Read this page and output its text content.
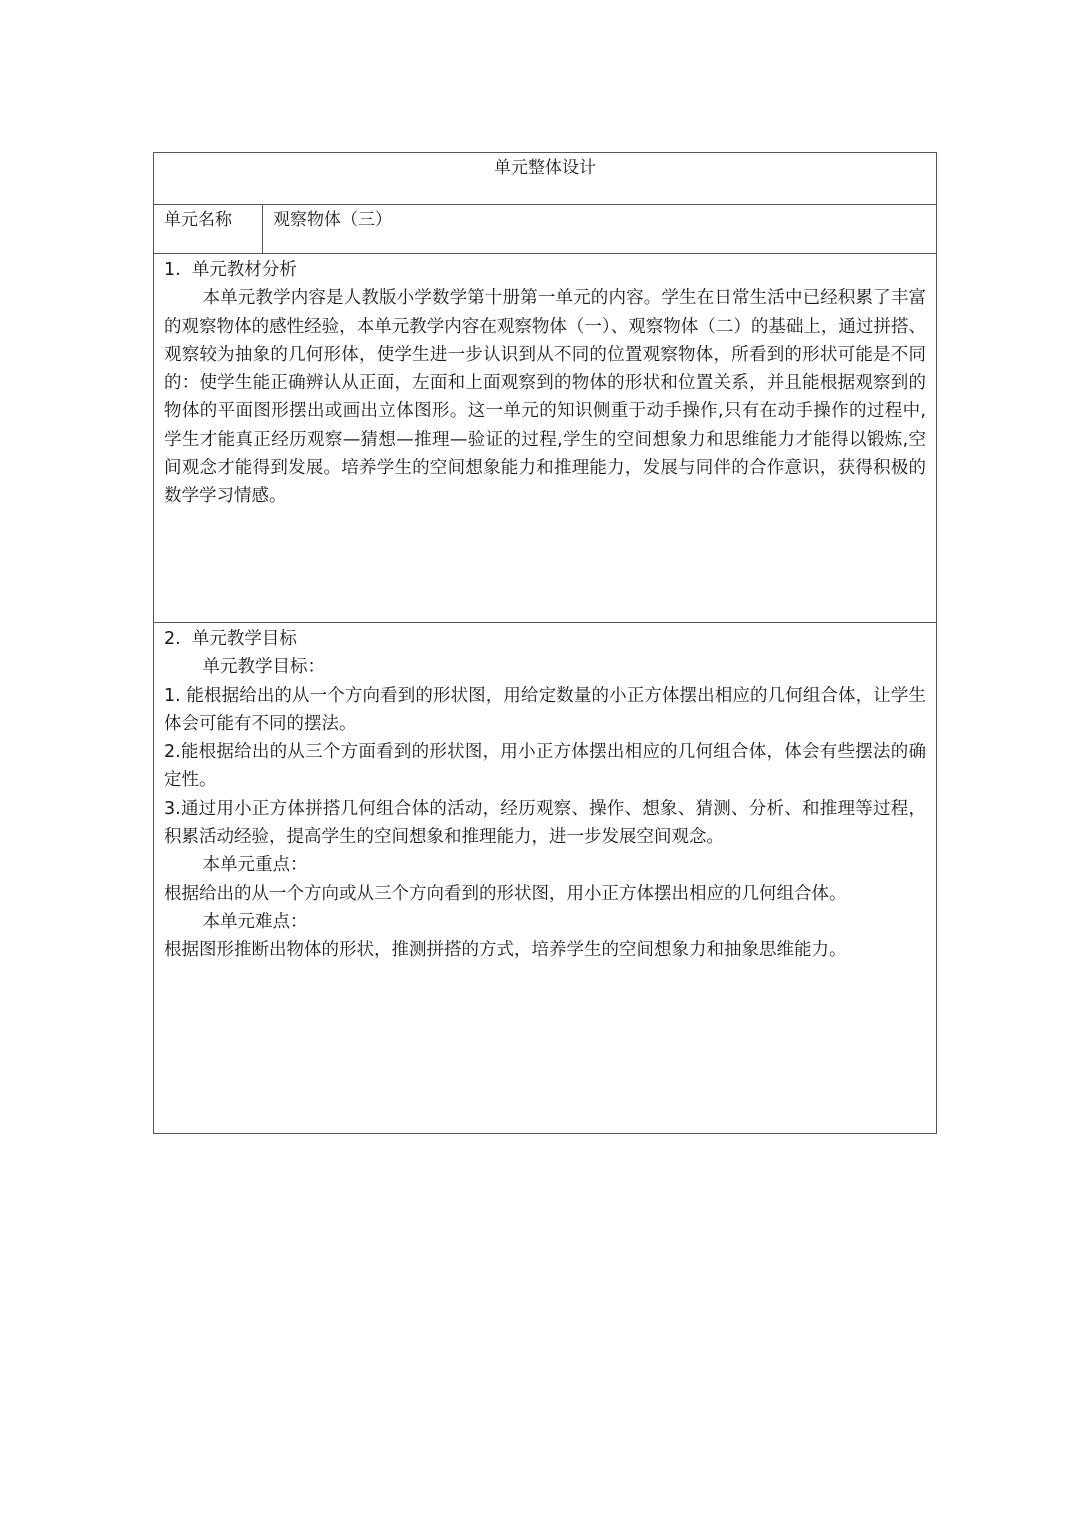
单元整体设计
单元名称	观察物体（三）
1.  单元教材分析

本单元教学内容是人教版小学数学第十册第一单元的内容。学生在日常生活中已经积累了丰富的观察物体的感性经验，本单元教学内容在观察物体（一）、观察物体（二）的基础上，通过拼搭、观察较为抽象的几何形体，使学生进一步认识到从不同的位置观察物体，所看到的形状可能是不同的：使学生能正确辨认从正面，左面和上面观察到的物体的形状和位置关系，并且能根据观察到的物体的平面图形摆出或画出立体图形。这一单元的知识侧重于动手操作,只有在动手操作的过程中,学生才能真正经历观察—猜想—推理—验证的过程,学生的空间想象力和思维能力才能得以锻炼,空间观念才能得到发展。培养学生的空间想象能力和推理能力，发展与同伴的合作意识，获得积极的数学学习情感。

2.  单元教学目标

单元教学目标：

1. 能根据给出的从一个方向看到的形状图，用给定数量的小正方体摆出相应的几何组合体，让学生体会可能有不同的摆法。

2.能根据给出的从三个方面看到的形状图，用小正方体摆出相应的几何组合体，体会有些摆法的确定性。

3.通过用小正方体拼搭几何组合体的活动，经历观察、操作、想象、猜测、分析、和推理等过程，积累活动经验，提高学生的空间想象和推理能力，进一步发展空间观念。

本单元重点：

根据给出的从一个方向或从三个方向看到的形状图，用小正方体摆出相应的几何组合体。

本单元难点：

根据图形推断出物体的形状，推测拼搭的方式，培养学生的空间想象力和抽象思维能力。
